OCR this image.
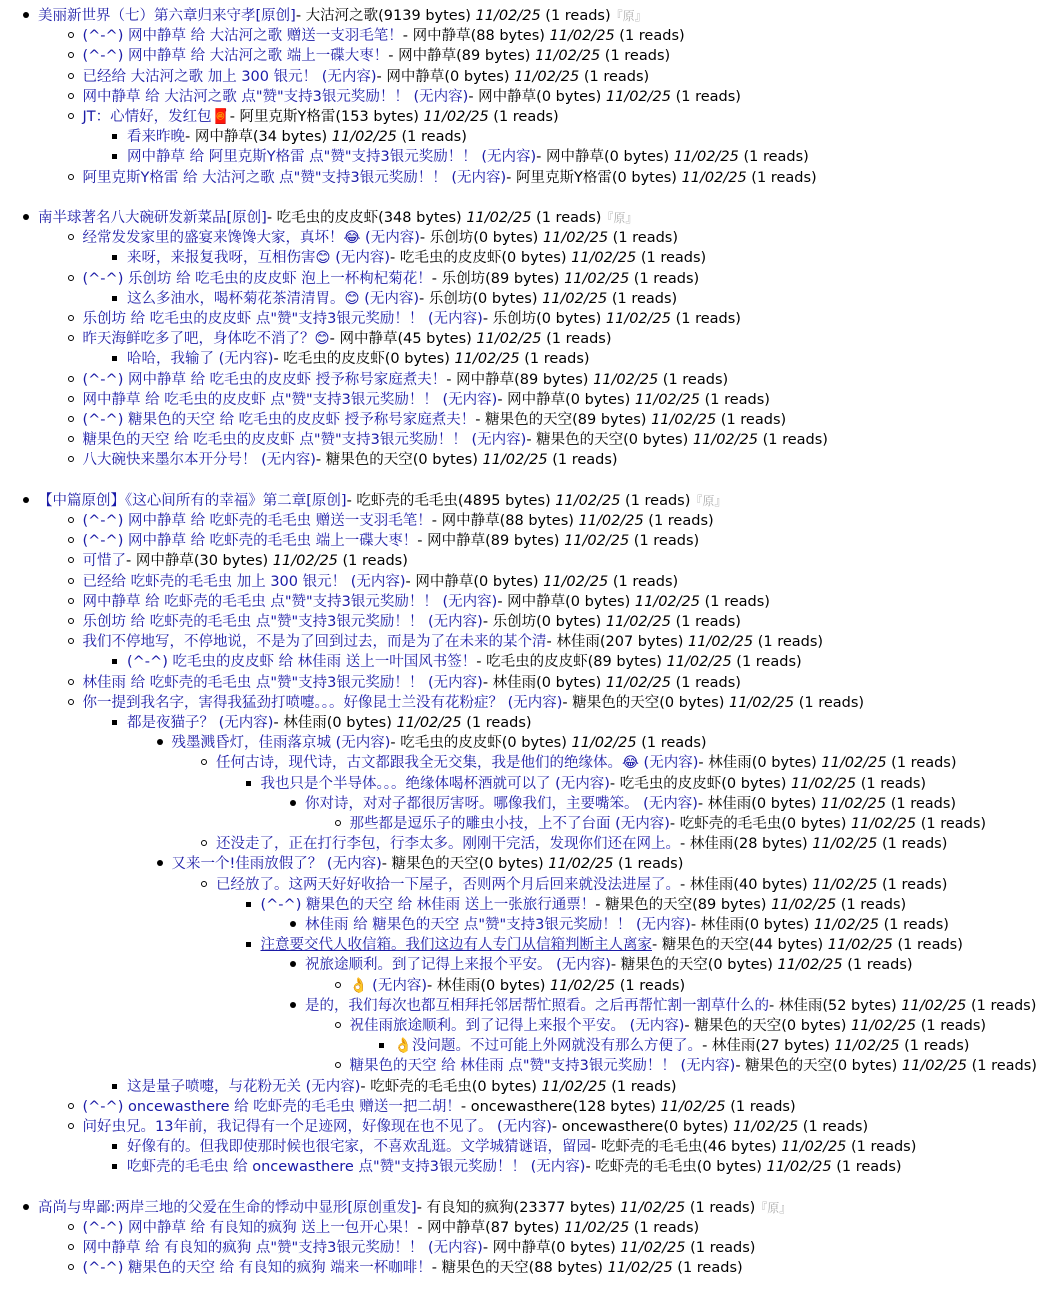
美丽新世界（七）第六章归来守孝[原创]- 大沽河之歌(9139 bytes) 11/02/25 (1 reads)『原』
(^-^) 网中静草 给 大沽河之歌 赠送一支羽毛笔！- 网中静草(88 bytes) 11/02/25 (1 reads)
(^-^) 网中静草 给 大沽河之歌 端上一碟大枣！- 网中静草(89 bytes) 11/02/25 (1 reads)
已经给 大沽河之歌 加上 300 银元！ (无内容)- 网中静草(0 bytes) 11/02/25 (1 reads)
网中静草 给 大沽河之歌 点"赞"支持3银元奖励！！ (无内容)- 网中静草(0 bytes) 11/02/25 (1 reads)
JT：心情好，发红包🧧- 阿里克斯Y格雷(153 bytes) 11/02/25 (1 reads)
看来昨晚- 网中静草(34 bytes) 11/02/25 (1 reads)
网中静草 给 阿里克斯Y格雷 点"赞"支持3银元奖励！！ (无内容)- 网中静草(0 bytes) 11/02/25 (1 reads)
阿里克斯Y格雷 给 大沽河之歌 点"赞"支持3银元奖励！！ (无内容)- 阿里克斯Y格雷(0 bytes) 11/02/25 (1 reads)
南半球著名八大碗研发新菜品[原创]- 吃毛虫的皮皮虾(348 bytes) 11/02/25 (1 reads)『原』
经常发发家里的盛宴来馋馋大家，真坏！😂 (无内容)- 乐创坊(0 bytes) 11/02/25 (1 reads)
来呀，来报复我呀，互相伤害😊 (无内容)- 吃毛虫的皮皮虾(0 bytes) 11/02/25 (1 reads)
(^-^) 乐创坊 给 吃毛虫的皮皮虾 泡上一杯枸杞菊花！- 乐创坊(89 bytes) 11/02/25 (1 reads)
这么多油水，喝杯菊花茶清清胃。😊 (无内容)- 乐创坊(0 bytes) 11/02/25 (1 reads)
乐创坊 给 吃毛虫的皮皮虾 点"赞"支持3银元奖励！！ (无内容)- 乐创坊(0 bytes) 11/02/25 (1 reads)
昨天海鲜吃多了吧，身体吃不消了？😊- 网中静草(45 bytes) 11/02/25 (1 reads)
哈哈，我输了 (无内容)- 吃毛虫的皮皮虾(0 bytes) 11/02/25 (1 reads)
(^-^) 网中静草 给 吃毛虫的皮皮虾 授予称号家庭煮夫！- 网中静草(89 bytes) 11/02/25 (1 reads)
网中静草 给 吃毛虫的皮皮虾 点"赞"支持3银元奖励！！ (无内容)- 网中静草(0 bytes) 11/02/25 (1 reads)
(^-^) 糖果色的天空 给 吃毛虫的皮皮虾 授予称号家庭煮夫！- 糖果色的天空(89 bytes) 11/02/25 (1 reads)
糖果色的天空 给 吃毛虫的皮皮虾 点"赞"支持3银元奖励！！ (无内容)- 糖果色的天空(0 bytes) 11/02/25 (1 reads)
八大碗快来墨尔本开分号！ (无内容)- 糖果色的天空(0 bytes) 11/02/25 (1 reads)
【中篇原创】《这心间所有的幸福》第二章[原创]- 吃虾壳的毛毛虫(4895 bytes) 11/02/25 (1 reads)『原』
(^-^) 网中静草 给 吃虾壳的毛毛虫 赠送一支羽毛笔！- 网中静草(88 bytes) 11/02/25 (1 reads)
(^-^) 网中静草 给 吃虾壳的毛毛虫 端上一碟大枣！- 网中静草(89 bytes) 11/02/25 (1 reads)
可惜了- 网中静草(30 bytes) 11/02/25 (1 reads)
已经给 吃虾壳的毛毛虫 加上 300 银元！ (无内容)- 网中静草(0 bytes) 11/02/25 (1 reads)
网中静草 给 吃虾壳的毛毛虫 点"赞"支持3银元奖励！！ (无内容)- 网中静草(0 bytes) 11/02/25 (1 reads)
乐创坊 给 吃虾壳的毛毛虫 点"赞"支持3银元奖励！！ (无内容)- 乐创坊(0 bytes) 11/02/25 (1 reads)
我们不停地写，不停地说，不是为了回到过去，而是为了在未来的某个清- 林佳雨(207 bytes) 11/02/25 (1 reads)
(^-^) 吃毛虫的皮皮虾 给 林佳雨 送上一叶国风书签！- 吃毛虫的皮皮虾(89 bytes) 11/02/25 (1 reads)
林佳雨 给 吃虾壳的毛毛虫 点"赞"支持3银元奖励！！ (无内容)- 林佳雨(0 bytes) 11/02/25 (1 reads)
你一提到我名字，害得我猛劲打喷嚏。。。好像昆士兰没有花粉症？ (无内容)- 糖果色的天空(0 bytes) 11/02/25 (1 reads)
都是夜猫子？ (无内容)- 林佳雨(0 bytes) 11/02/25 (1 reads)
残墨溅昏灯，佳雨落京城 (无内容)- 吃毛虫的皮皮虾(0 bytes) 11/02/25 (1 reads)
任何古诗，现代诗，古文都跟我全无交集，我是他们的绝缘体。😂 (无内容)- 林佳雨(0 bytes) 11/02/25 (1 reads)
我也只是个半导体。。。绝缘体喝杯酒就可以了 (无内容)- 吃毛虫的皮皮虾(0 bytes) 11/02/25 (1 reads)
你对诗，对对子都很厉害呀。哪像我们，主要嘴笨。 (无内容)- 林佳雨(0 bytes) 11/02/25 (1 reads)
那些都是逗乐子的雕虫小技，上不了台面 (无内容)- 吃虾壳的毛毛虫(0 bytes) 11/02/25 (1 reads)
还没走了，正在打行李包，行李太多。刚刚干完活，发现你们还在网上。- 林佳雨(28 bytes) 11/02/25 (1 reads)
又来一个!佳雨放假了？ (无内容)- 糖果色的天空(0 bytes) 11/02/25 (1 reads)
已经放了。这两天好好收拾一下屋子，否则两个月后回来就没法进屋了。- 林佳雨(40 bytes) 11/02/25 (1 reads)
(^-^) 糖果色的天空 给 林佳雨 送上一张旅行通票！- 糖果色的天空(89 bytes) 11/02/25 (1 reads)
林佳雨 给 糖果色的天空 点"赞"支持3银元奖励！！ (无内容)- 林佳雨(0 bytes) 11/02/25 (1 reads)
注意要交代人收信箱。我们这边有人专门从信箱判断主人离家- 糖果色的天空(44 bytes) 11/02/25 (1 reads)
祝旅途顺利。到了记得上来报个平安。 (无内容)- 糖果色的天空(0 bytes) 11/02/25 (1 reads)
👌 (无内容)- 林佳雨(0 bytes) 11/02/25 (1 reads)
是的，我们每次也都互相拜托邻居帮忙照看。之后再帮忙割一割草什么的- 林佳雨(52 bytes) 11/02/25 (1 reads)
祝佳雨旅途顺利。到了记得上来报个平安。 (无内容)- 糖果色的天空(0 bytes) 11/02/25 (1 reads)
👌没问题。不过可能上外网就没有那么方便了。- 林佳雨(27 bytes) 11/02/25 (1 reads)
糖果色的天空 给 林佳雨 点"赞"支持3银元奖励！！ (无内容)- 糖果色的天空(0 bytes) 11/02/25 (1 reads)
这是量子喷嚏，与花粉无关 (无内容)- 吃虾壳的毛毛虫(0 bytes) 11/02/25 (1 reads)
(^-^) oncewasthere 给 吃虾壳的毛毛虫 赠送一把二胡！- oncewasthere(128 bytes) 11/02/25 (1 reads)
问好虫兄。13年前，我记得有一个足迹网，好像现在也不见了。 (无内容)- oncewasthere(0 bytes) 11/02/25 (1 reads)
好像有的。但我即使那时候也很宅家，不喜欢乱逛。文学城猜谜语，留园- 吃虾壳的毛毛虫(46 bytes) 11/02/25 (1 reads)
吃虾壳的毛毛虫 给 oncewasthere 点"赞"支持3银元奖励！！ (无内容)- 吃虾壳的毛毛虫(0 bytes) 11/02/25 (1 reads)
高尚与卑鄙:两岸三地的父爱在生命的悸动中显形[原创重发]- 有良知的疯狗(23377 bytes) 11/02/25 (1 reads)『原』
(^-^) 网中静草 给 有良知的疯狗 送上一包开心果！- 网中静草(87 bytes) 11/02/25 (1 reads)
网中静草 给 有良知的疯狗 点"赞"支持3银元奖励！！ (无内容)- 网中静草(0 bytes) 11/02/25 (1 reads)
(^-^) 糖果色的天空 给 有良知的疯狗 端来一杯咖啡！- 糖果色的天空(88 bytes) 11/02/25 (1 reads)
